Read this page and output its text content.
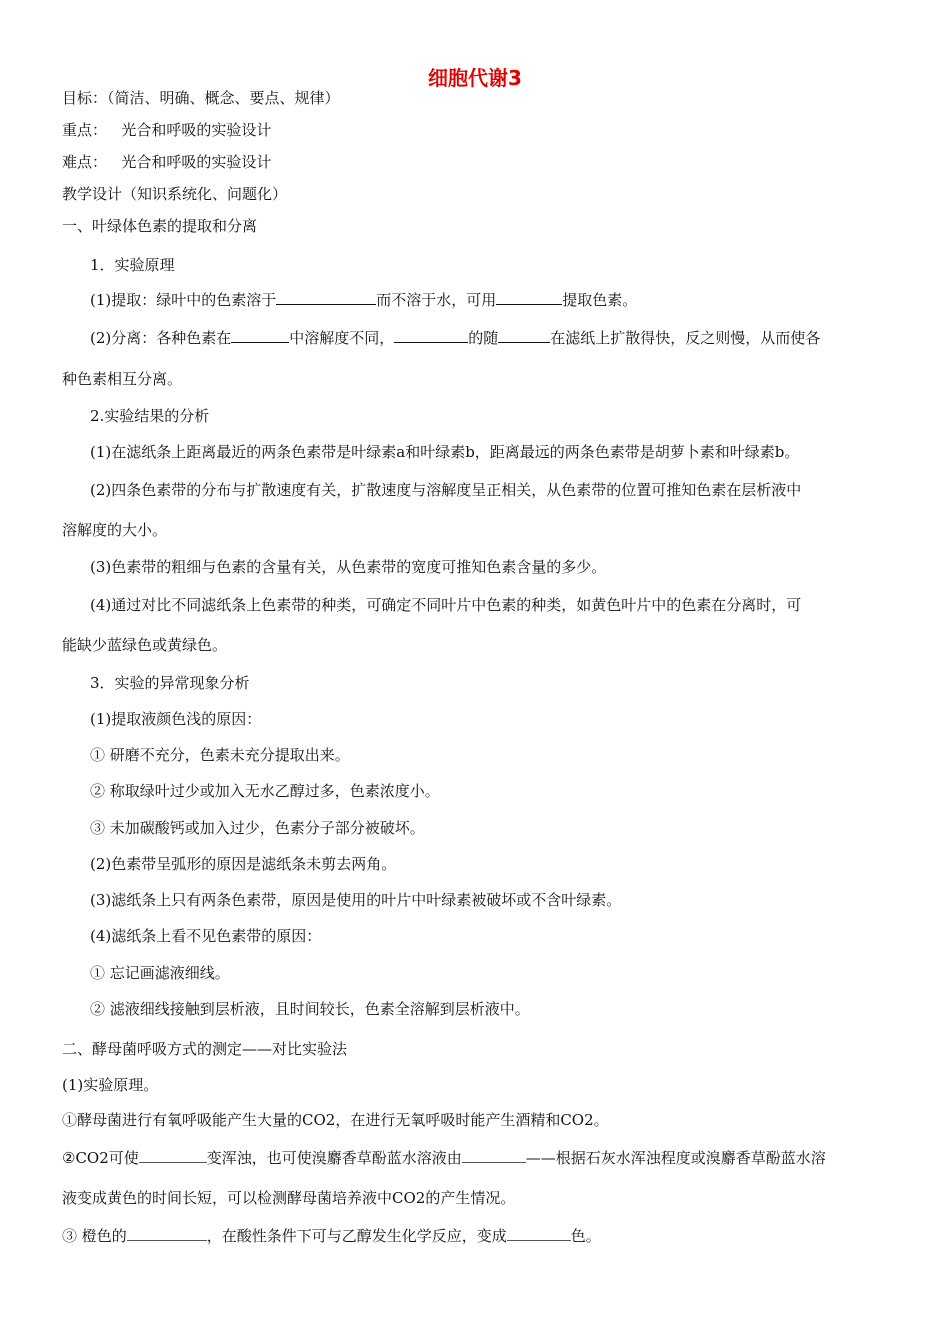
细胞代谢3
目标：（简洁、明确、概念、要点、规律）
重点： 光合和呼吸的实验设计
难点： 光合和呼吸的实验设计
教学设计（知识系统化、问题化）
一、叶绿体色素的提取和分离
1．实验原理
(1)提取：绿叶中的色素溶于	而不溶于水，可用	提取色素。
(2)分离：各种色素在	中溶解度不同，	的随	在滤纸上扩散得快，反之则慢，从而使各
种色素相互分离。
2.实验结果的分析
(1)在滤纸条上距离最近的两条色素带是叶绿素a和叶绿素b，距离最远的两条色素带是胡萝卜素和叶绿素b。
(2)四条色素带的分布与扩散速度有关，扩散速度与溶解度呈正相关，从色素带的位置可推知色素在层析液中
溶解度的大小。
(3)色素带的粗细与色素的含量有关，从色素带的宽度可推知色素含量的多少。
(4)通过对比不同滤纸条上色素带的种类，可确定不同叶片中色素的种类，如黄色叶片中的色素在分离时，可
能缺少蓝绿色或黄绿色。
3．实验的异常现象分析
(1)提取液颜色浅的原因：
① 研磨不充分，色素未充分提取出来。
② 称取绿叶过少或加入无水乙醇过多，色素浓度小。
③ 未加碳酸钙或加入过少，色素分子部分被破坏。
(2)色素带呈弧形的原因是滤纸条未剪去两角。
(3)滤纸条上只有两条色素带，原因是使用的叶片中叶绿素被破坏或不含叶绿素。
(4)滤纸条上看不见色素带的原因：
① 忘记画滤液细线。
② 滤液细线接触到层析液，且时间较长，色素全溶解到层析液中。
二、酵母菌呼吸方式的测定——对比实验法
(1)实验原理。
①酵母菌进行有氧呼吸能产生大量的CO2，在进行无氧呼吸时能产生酒精和CO2。
②CO2可使	变浑浊，也可使溴麝香草酚蓝水溶液由	——根据石灰水浑浊程度或溴麝香草酚蓝水溶
液变成黄色的时间长短，可以检测酵母菌培养液中CO2的产生情况。
③ 橙色的	，在酸性条件下可与乙醇发生化学反应，变成	色。
